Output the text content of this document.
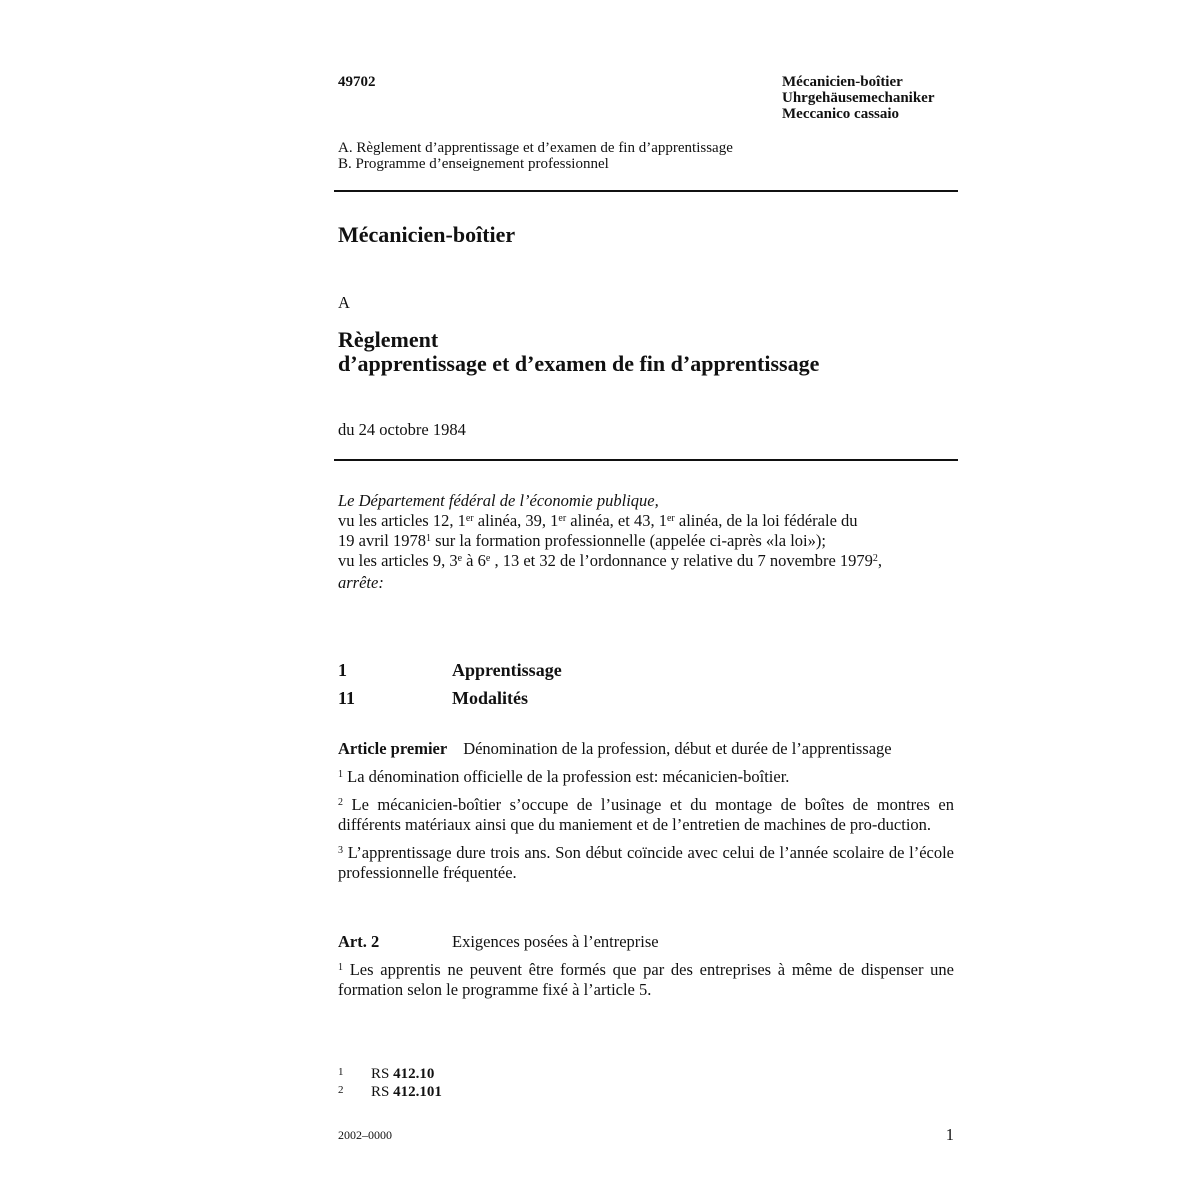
49702	Mécanicien-boîtier
Uhrgehäusemechaniker
Meccanico cassaio
A. Règlement d’apprentissage et d’examen de fin d’apprentissage
B. Programme d’enseignement professionnel
Mécanicien-boîtier
A
Règlement
d’apprentissage et d’examen de fin d’apprentissage
du 24 octobre 1984
Le Département fédéral de l’économie publique,
vu les articles 12, 1er alinéa, 39, 1er alinéa, et 43, 1er alinéa, de la loi fédérale du
19 avril 1978$^1$ sur la formation professionnelle (appelée ci-après «la loi»);
vu les articles 9, 3e à 6e , 13 et 32 de l’ordonnance y relative du 7 novembre 1979$^2$,
arrête:
1	Apprentissage
11	Modalités
Article premier Dénomination de la profession, début et durée de l’apprentissage
$^1$ La dénomination officielle de la profession est: mécanicien-boîtier.
$^2$ Le mécanicien-boîtier s’occupe de l’usinage et du montage de boîtes de montres en différents matériaux ainsi que du maniement et de l’entretien de machines de pro-duction.
$^3$ L’apprentissage dure trois ans. Son début coïncide avec celui de l’année scolaire de l’école professionnelle fréquentée.
Art. 2	Exigences posées à l’entreprise
$^1$ Les apprentis ne peuvent être formés que par des entreprises à même de dispenser une formation selon le programme fixé à l’article 5.
1 RS 412.10
2 RS 412.101
2002–0000	1
